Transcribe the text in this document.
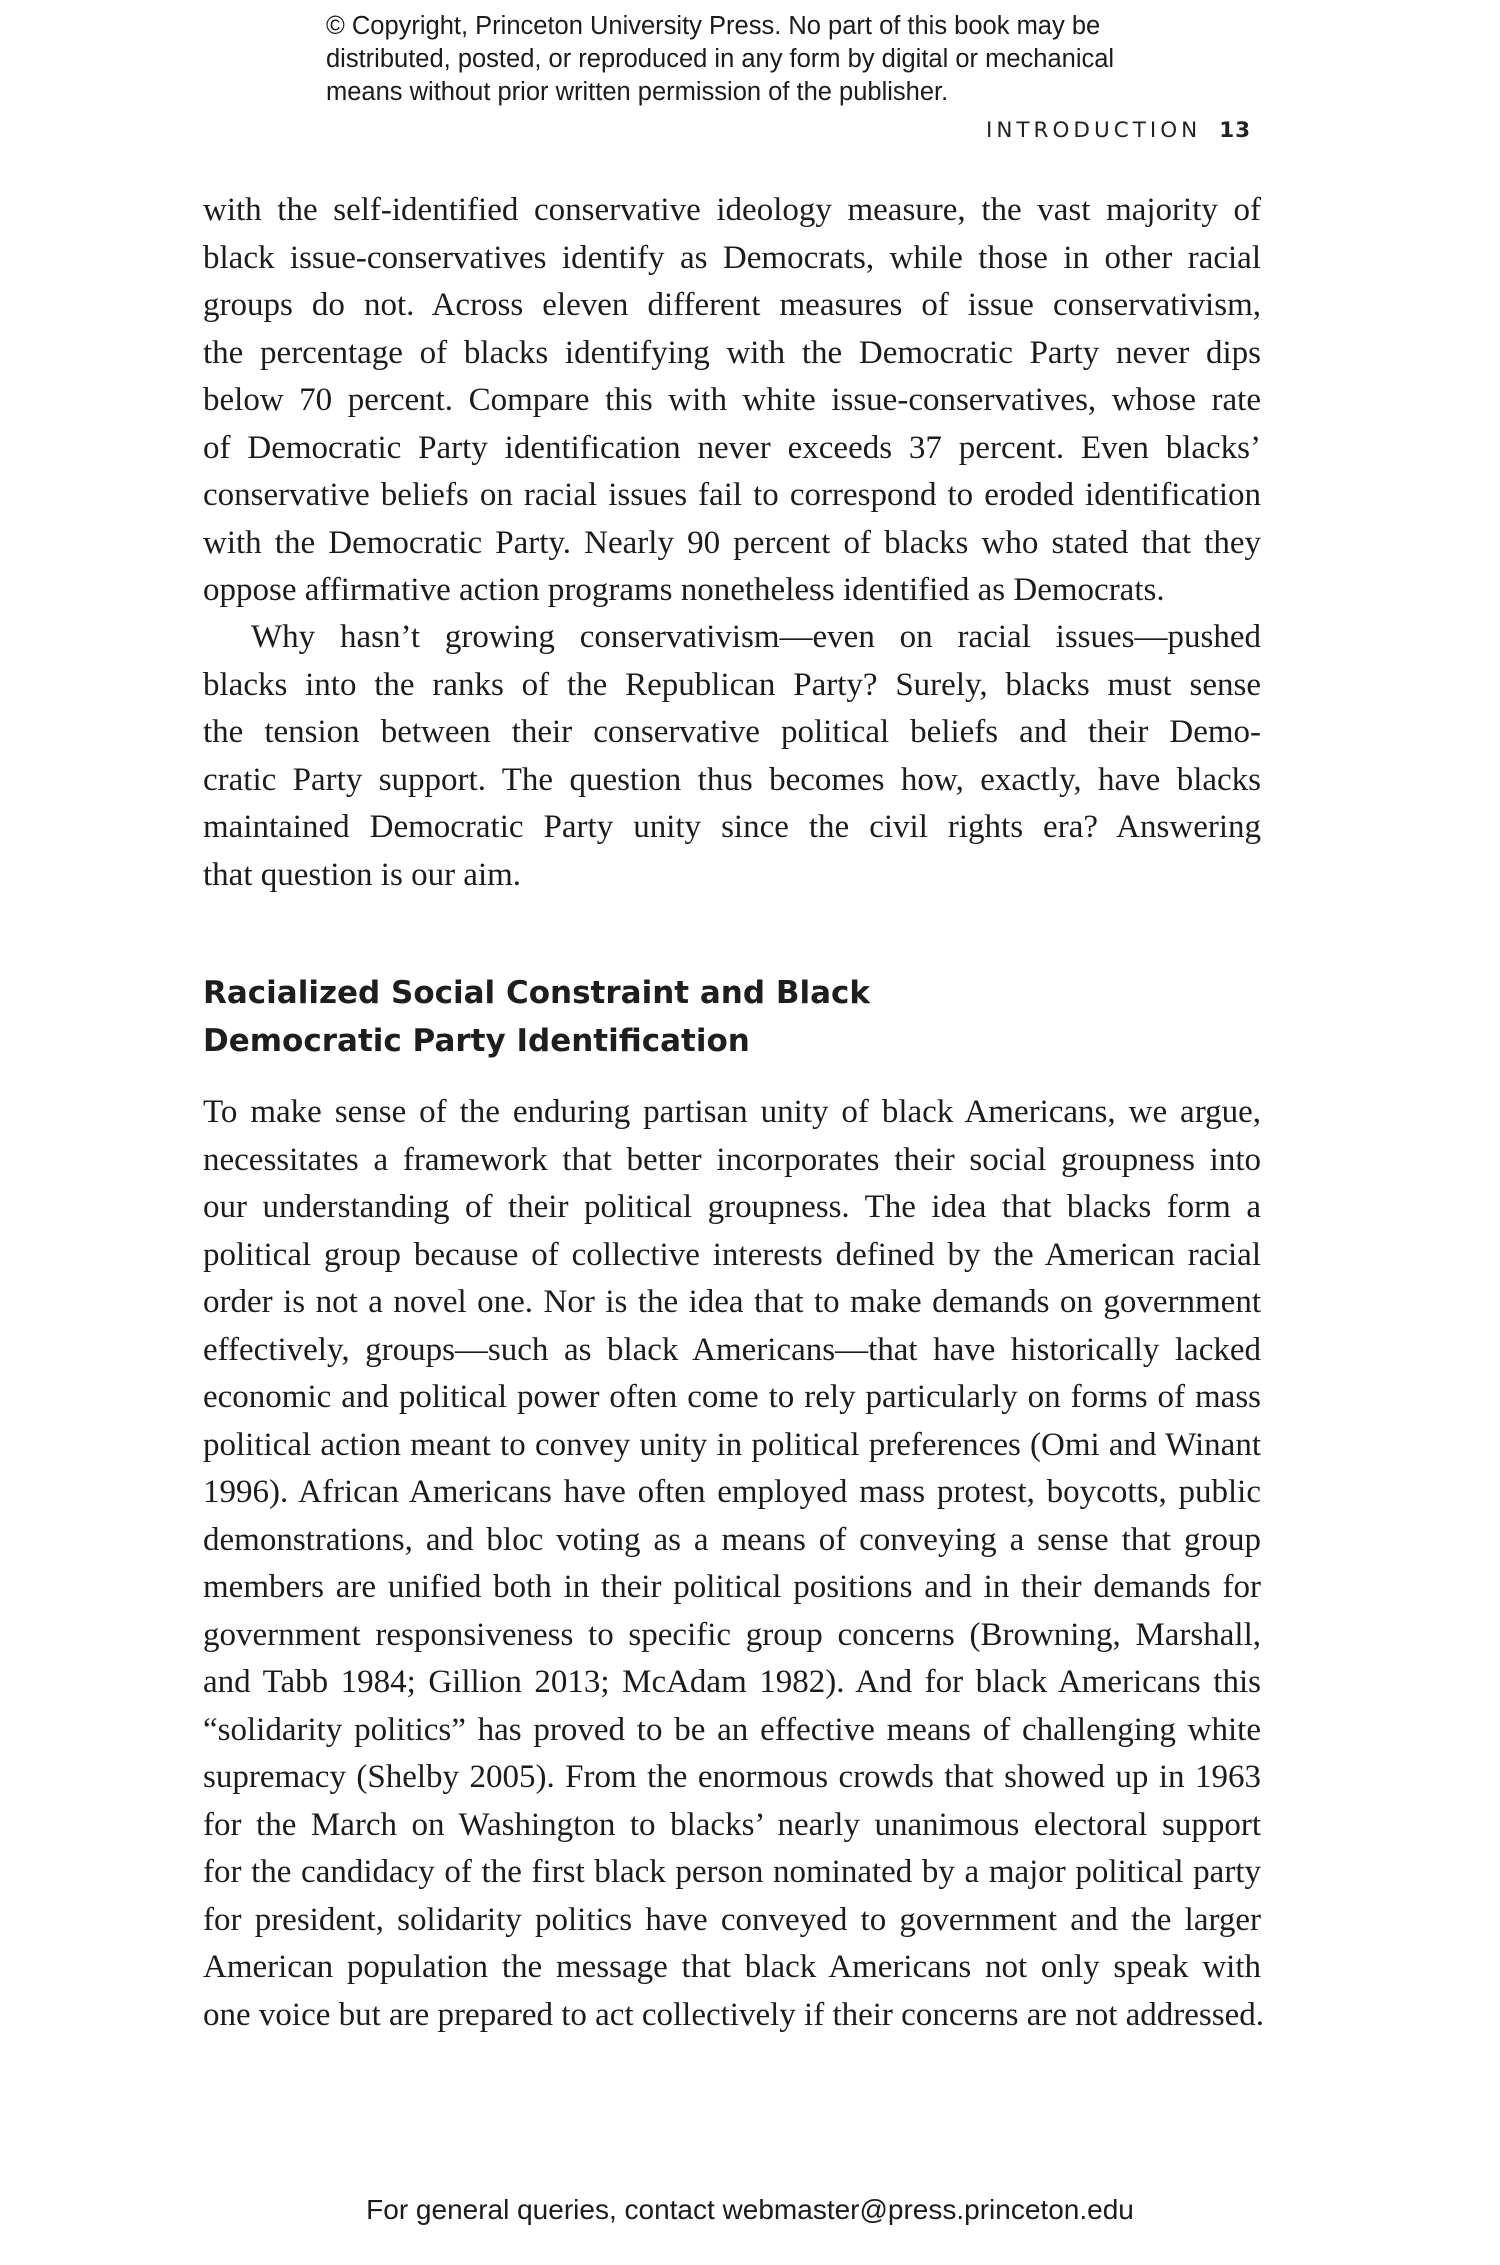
© Copyright, Princeton University Press. No part of this book may be
distributed, posted, or reproduced in any form by digital or mechanical
means without prior written permission of the publisher.
INTRODUCTION 13
with the self-identified conservative ideology measure, the vast majority of
black issue-conservatives identify as Democrats, while those in other racial
groups do not. Across eleven different measures of issue conservativism,
the percentage of blacks identifying with the Democratic Party never dips
below 70 percent. Compare this with white issue-conservatives, whose rate
of Democratic Party identification never exceeds 37 percent. Even blacks’
conservative beliefs on racial issues fail to correspond to eroded identification
with the Democratic Party. Nearly 90 percent of blacks who stated that they
oppose affirmative action programs nonetheless identified as Democrats.
Why hasn’t growing conservativism—even on racial issues—pushed
blacks into the ranks of the Republican Party? Surely, blacks must sense
the tension between their conservative political beliefs and their Demo-
cratic Party support. The question thus becomes how, exactly, have blacks
maintained Democratic Party unity since the civil rights era? Answering
that question is our aim.
Racialized Social Constraint and Black
Democratic Party Identification
To make sense of the enduring partisan unity of black Americans, we argue,
necessitates a framework that better incorporates their social groupness into
our understanding of their political groupness. The idea that blacks form a
political group because of collective interests defined by the American racial
order is not a novel one. Nor is the idea that to make demands on government
effectively, groups—such as black Americans—that have historically lacked
economic and political power often come to rely particularly on forms of mass
political action meant to convey unity in political preferences (Omi and Winant
1996). African Americans have often employed mass protest, boycotts, public
demonstrations, and bloc voting as a means of conveying a sense that group
members are unified both in their political positions and in their demands for
government responsiveness to specific group concerns (Browning, Marshall,
and Tabb 1984; Gillion 2013; McAdam 1982). And for black Americans this
“solidarity politics” has proved to be an effective means of challenging white
supremacy (Shelby 2005). From the enormous crowds that showed up in 1963
for the March on Washington to blacks’ nearly unanimous electoral support
for the candidacy of the first black person nominated by a major political party
for president, solidarity politics have conveyed to government and the larger
American population the message that black Americans not only speak with
one voice but are prepared to act collectively if their concerns are not addressed.
For general queries, contact webmaster@press.princeton.edu
